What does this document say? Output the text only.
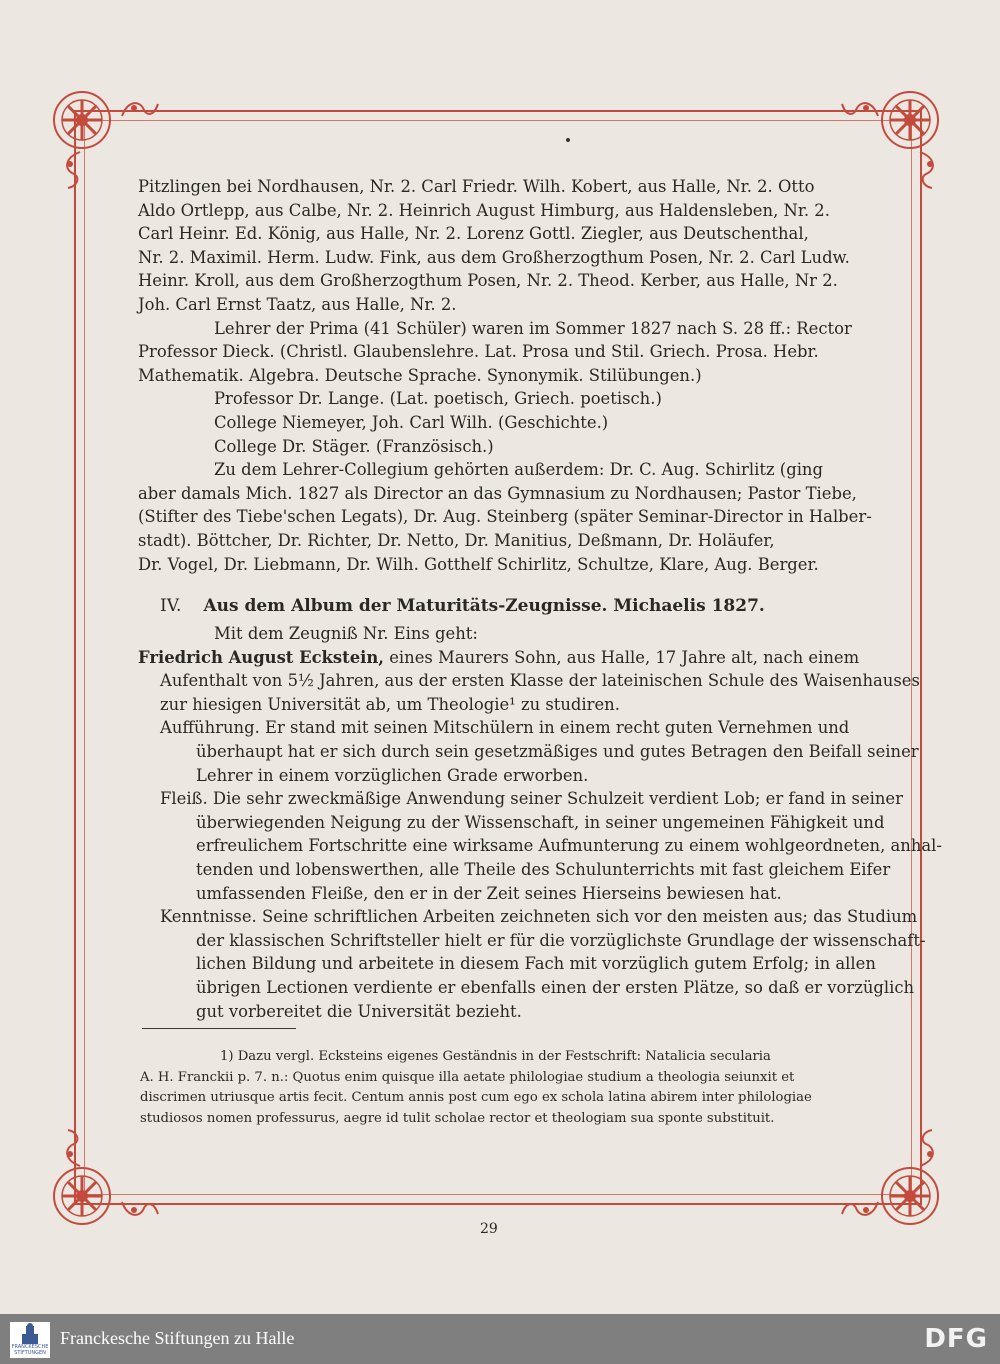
Pitzlingen bei Nordhausen, Nr. 2. Carl Friedr. Wilh. Kobert, aus Halle, Nr. 2. Otto
Aldo Ortlepp, aus Calbe, Nr. 2. Heinrich August Himburg, aus Haldensleben, Nr. 2.
Carl Heinr. Ed. König, aus Halle, Nr. 2. Lorenz Gottl. Ziegler, aus Deutschenthal,
Nr. 2. Maximil. Herm. Ludw. Fink, aus dem Großherzogthum Posen, Nr. 2. Carl Ludw.
Heinr. Kroll, aus dem Großherzogthum Posen, Nr. 2. Theod. Kerber, aus Halle, Nr 2.
Joh. Carl Ernst Taatz, aus Halle, Nr. 2.
Lehrer der Prima (41 Schüler) waren im Sommer 1827 nach S. 28 ff.: Rector
Professor Dieck. (Christl. Glaubenslehre. Lat. Prosa und Stil. Griech. Prosa. Hebr.
Mathematik. Algebra. Deutsche Sprache. Synonymik. Stilübungen.)
Professor Dr. Lange. (Lat. poetisch, Griech. poetisch.)
College Niemeyer, Joh. Carl Wilh. (Geschichte.)
College Dr. Stäger. (Französisch.)
Zu dem Lehrer-Collegium gehörten außerdem: Dr. C. Aug. Schirlitz (ging
aber damals Mich. 1827 als Director an das Gymnasium zu Nordhausen; Pastor Tiebe,
(Stifter des Tiebe'schen Legats), Dr. Aug. Steinberg (später Seminar-Director in Halber-
stadt). Böttcher, Dr. Richter, Dr. Netto, Dr. Manitius, Deßmann, Dr. Holäufer,
Dr. Vogel, Dr. Liebmann, Dr. Wilh. Gotthelf Schirlitz, Schultze, Klare, Aug. Berger.
IV. Aus dem Album der Maturitäts-Zeugnisse. Michaelis 1827.
Mit dem Zeugniß Nr. Eins geht:
Friedrich August Eckstein, eines Maurers Sohn, aus Halle, 17 Jahre alt, nach einem
Aufenthalt von 5½ Jahren, aus der ersten Klasse der lateinischen Schule des Waisenhauses
zur hiesigen Universität ab, um Theologie¹ zu studiren.
Aufführung. Er stand mit seinen Mitschülern in einem recht guten Vernehmen und
überhaupt hat er sich durch sein gesetzmäßiges und gutes Betragen den Beifall seiner
Lehrer in einem vorzüglichen Grade erworben.
Fleiß. Die sehr zweckmäßige Anwendung seiner Schulzeit verdient Lob; er fand in seiner
überwiegenden Neigung zu der Wissenschaft, in seiner ungemeinen Fähigkeit und
erfreulichem Fortschritte eine wirksame Aufmunterung zu einem wohlgeordneten, anhal-
tenden und lobenswerthen, alle Theile des Schulunterrichts mit fast gleichem Eifer
umfassenden Fleiße, den er in der Zeit seines Hierseins bewiesen hat.
Kenntnisse. Seine schriftlichen Arbeiten zeichneten sich vor den meisten aus; das Studium
der klassischen Schriftsteller hielt er für die vorzüglichste Grundlage der wissenschaft-
lichen Bildung und arbeitete in diesem Fach mit vorzüglich gutem Erfolg; in allen
übrigen Lectionen verdiente er ebenfalls einen der ersten Plätze, so daß er vorzüglich
gut vorbereitet die Universität bezieht.
1) Dazu vergl. Ecksteins eigenes Geständnis in der Festschrift: Natalicia secularia
A. H. Franckii p. 7. n.: Quotus enim quisque illa aetate philologiae studium a theologia seiunxit et
discrimen utriusque artis fecit. Centum annis post cum ego ex schola latina abirem inter philologiae
studiosos nomen professurus, aegre id tulit scholae rector et theologiam sua sponte substituit.
29
FRANCKESCHE STIFTUNGEN
Franckesche Stiftungen zu Halle	DFG
